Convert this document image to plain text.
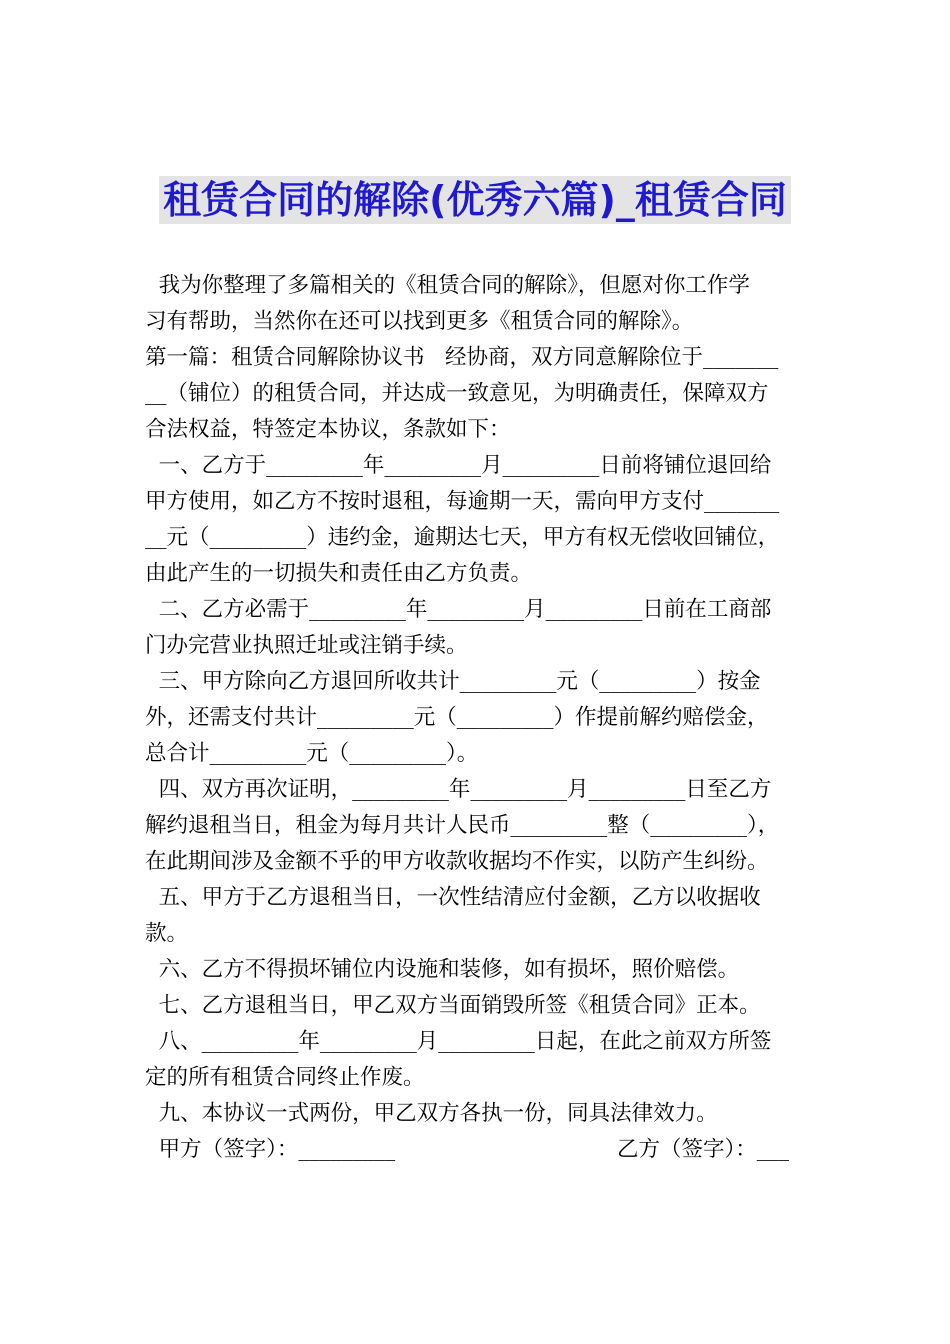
租赁合同的解除(优秀六篇)_租赁合同
我为你整理了多篇相关的《租赁合同的解除》，但愿对你工作学
习有帮助，当然你在还可以找到更多《租赁合同的解除》。
第一篇：租赁合同解除协议书   经协商，双方同意解除位于_______
__（铺位）的租赁合同，并达成一致意见，为明确责任，保障双方
合法权益，特签定本协议，条款如下：
一、乙方于_________年_________月_________日前将铺位退回给
甲方使用，如乙方不按时退租，每逾期一天，需向甲方支付_______
__元（_________）违约金，逾期达七天，甲方有权无偿收回铺位，
由此产生的一切损失和责任由乙方负责。
二、乙方必需于_________年_________月_________日前在工商部
门办完营业执照迁址或注销手续。
三、甲方除向乙方退回所收共计_________元（_________）按金
外，还需支付共计_________元（_________）作提前解约赔偿金，
总合计_________元（_________）。
四、双方再次证明，_________年_________月_________日至乙方
解约退租当日，租金为每月共计人民币_________整（_________），
在此期间涉及金额不乎的甲方收款收据均不作实，以防产生纠纷。
五、甲方于乙方退租当日，一次性结清应付金额，乙方以收据收
款。
六、乙方不得损坏铺位内设施和装修，如有损坏，照价赔偿。
七、乙方退租当日，甲乙双方当面销毁所签《租赁合同》正本。
八、_________年_________月_________日起，在此之前双方所签
定的所有租赁合同终止作废。
九、本协议一式两份，甲乙双方各执一份，同具法律效力。

甲方（签字）：_________

	乙方（签字）：___
